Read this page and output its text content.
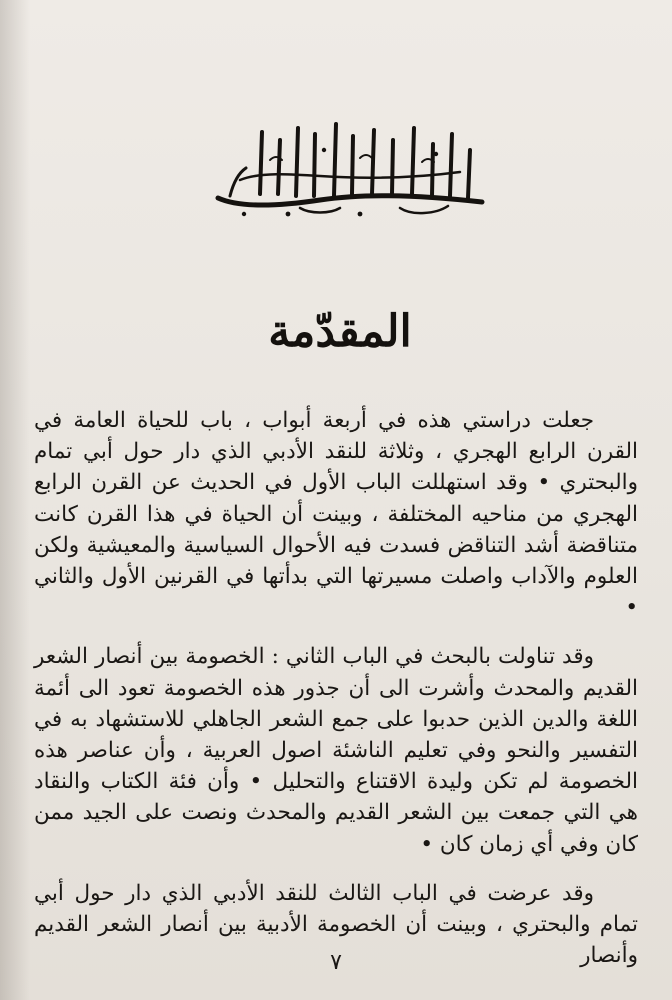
المقدّمة

جعلت دراستي هذه في أربعة أبواب ، باب للحياة العامة في القرن الرابع الهجري ، وثلاثة للنقد الأدبي الذي دار حول أبي تمام والبحتري • وقد استهللت الباب الأول في الحديث عن القرن الرابع الهجري من مناحيه المختلفة ، وبينت أن الحياة في هذا القرن كانت متناقضة أشد التناقض فسدت فيه الأحوال السياسية والمعيشية ولكن العلوم والآداب واصلت مسيرتها التي بدأتها في القرنين الأول والثاني •

وقد تناولت بالبحث في الباب الثاني : الخصومة بين أنصار الشعر القديم والمحدث وأشرت الى أن جذور هذه الخصومة تعود الى أئمة اللغة والدين الذين حدبوا على جمع الشعر الجاهلي للاستشهاد به في التفسير والنحو وفي تعليم الناشئة اصول العربية ، وأن عناصر هذه الخصومة لم تكن وليدة الاقتناع والتحليل • وأن فئة الكتاب والنقاد هي التي جمعت بين الشعر القديم والمحدث ونصت على الجيد ممن كان وفي أي زمان كان •

وقد عرضت في الباب الثالث للنقد الأدبي الذي دار حول أبي تمام والبحتري ، وبينت أن الخصومة الأدبية بين أنصار الشعر القديم وأنصار

٧
